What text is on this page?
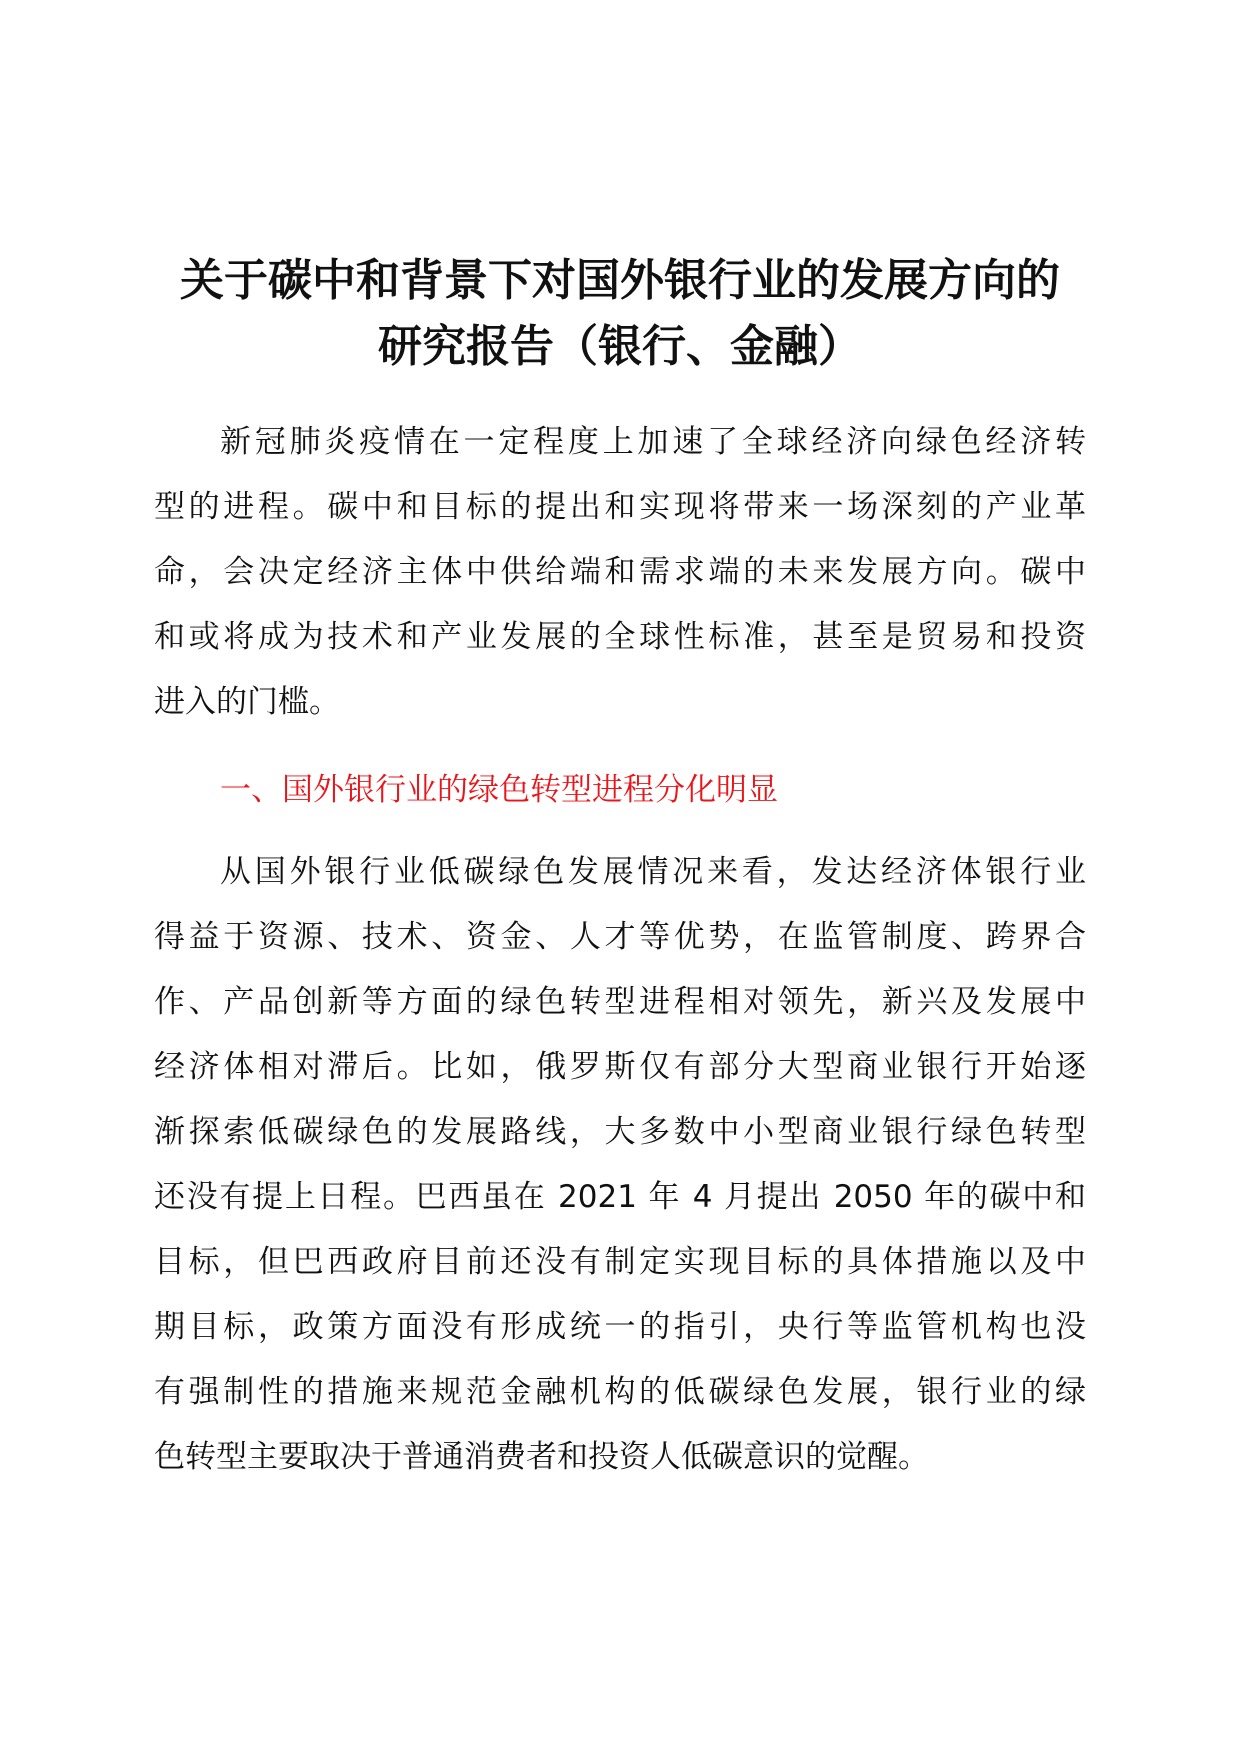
关于碳中和背景下对国外银行业的发展方向的
研究报告（银行、金融）
新冠肺炎疫情在一定程度上加速了全球经济向绿色经济转
型的进程。碳中和目标的提出和实现将带来一场深刻的产业革
命，会决定经济主体中供给端和需求端的未来发展方向。碳中
和或将成为技术和产业发展的全球性标准，甚至是贸易和投资
进入的门槛。
一、国外银行业的绿色转型进程分化明显
从国外银行业低碳绿色发展情况来看，发达经济体银行业
得益于资源、技术、资金、人才等优势，在监管制度、跨界合
作、产品创新等方面的绿色转型进程相对领先，新兴及发展中
经济体相对滞后。比如，俄罗斯仅有部分大型商业银行开始逐
渐探索低碳绿色的发展路线，大多数中小型商业银行绿色转型
还没有提上日程。巴西虽在 2021 年 4 月提出 2050 年的碳中和
目标，但巴西政府目前还没有制定实现目标的具体措施以及中
期目标，政策方面没有形成统一的指引，央行等监管机构也没
有强制性的措施来规范金融机构的低碳绿色发展，银行业的绿
色转型主要取决于普通消费者和投资人低碳意识的觉醒。
